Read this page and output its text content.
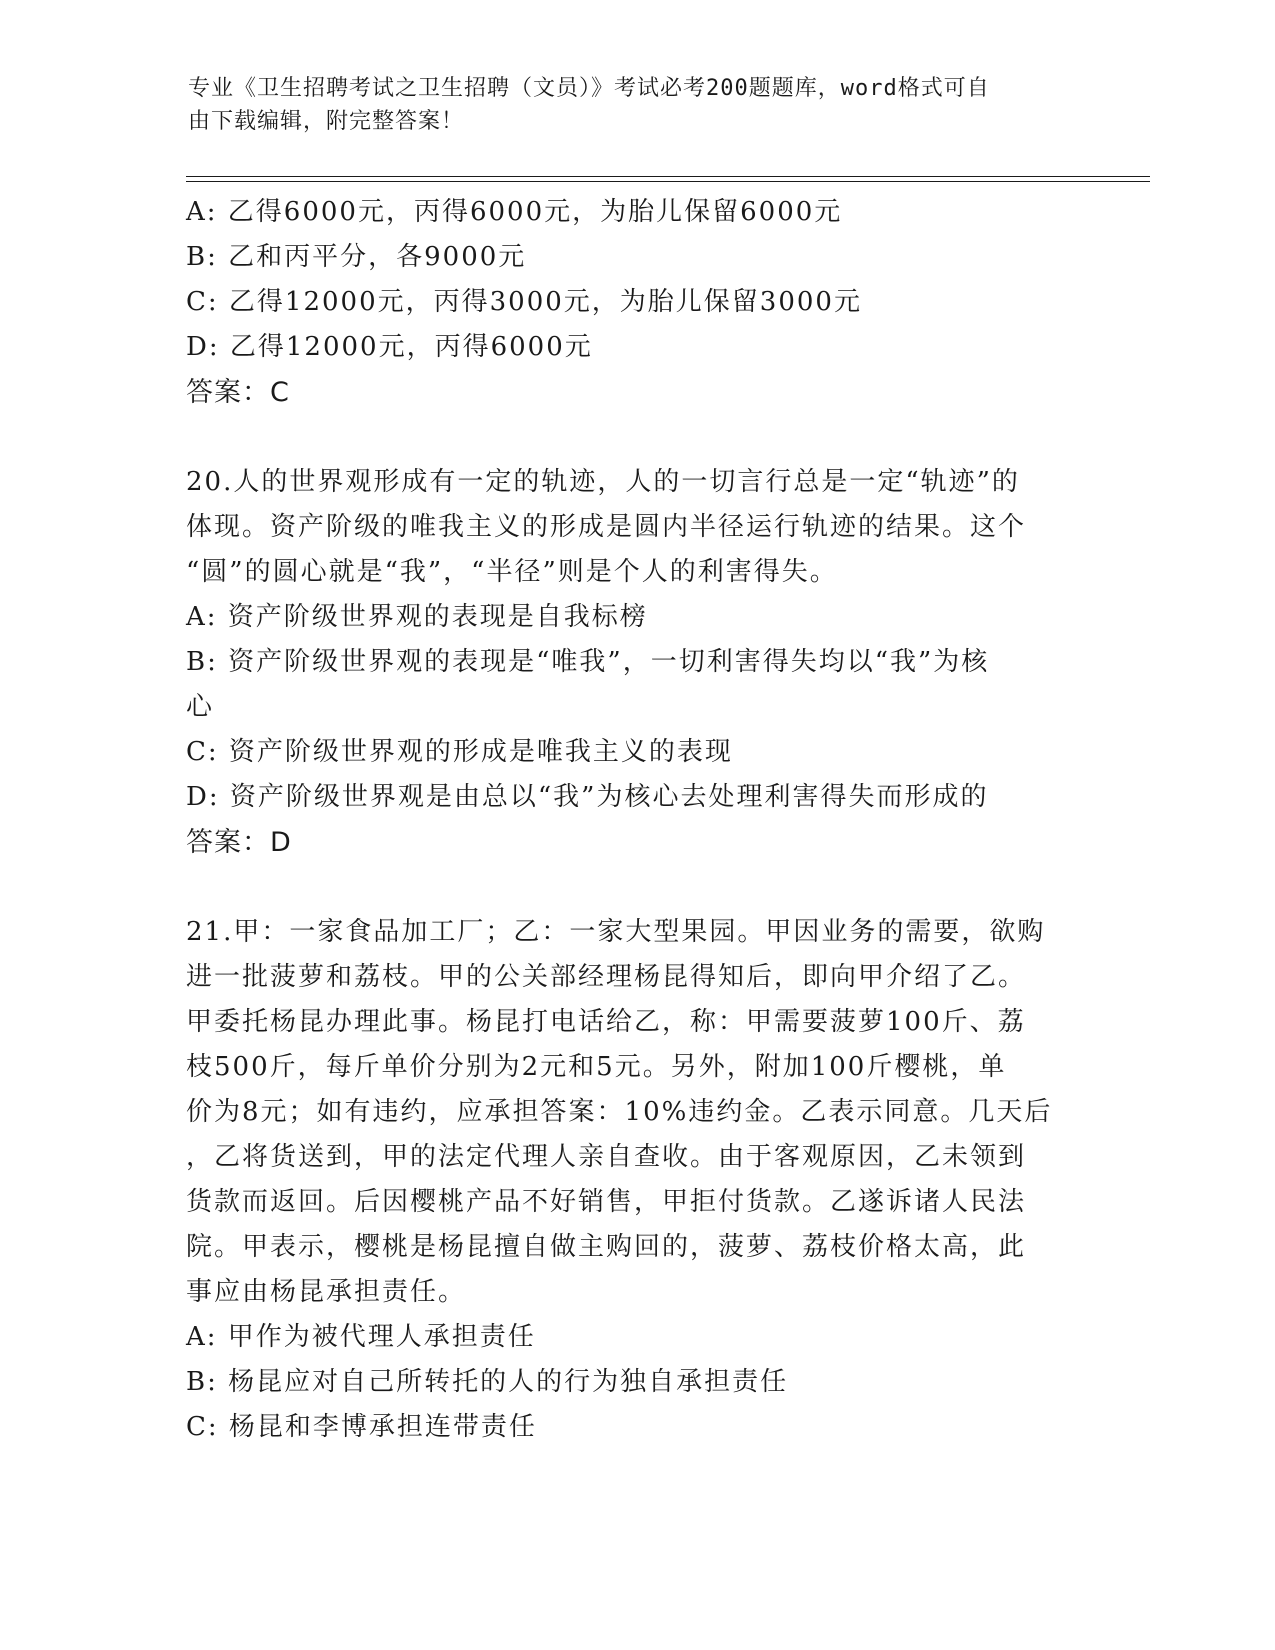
专业《卫生招聘考试之卫生招聘（文员）》考试必考200题题库，word格式可自
由下载编辑，附完整答案！
A: 乙得6000元，丙得6000元，为胎儿保留6000元
B: 乙和丙平分，各9000元
C: 乙得12000元，丙得3000元，为胎儿保留3000元
D: 乙得12000元，丙得6000元
答案：C
20.人的世界观形成有一定的轨迹，人的一切言行总是一定“轨迹”的
体现。资产阶级的唯我主义的形成是圆内半径运行轨迹的结果。这个
“圆”的圆心就是“我”，“半径”则是个人的利害得失。
A: 资产阶级世界观的表现是自我标榜
B: 资产阶级世界观的表现是“唯我”，一切利害得失均以“我”为核
心
C: 资产阶级世界观的形成是唯我主义的表现
D: 资产阶级世界观是由总以“我”为核心去处理利害得失而形成的
答案：D
21.甲：一家食品加工厂；乙：一家大型果园。甲因业务的需要，欲购
进一批菠萝和荔枝。甲的公关部经理杨昆得知后，即向甲介绍了乙。
甲委托杨昆办理此事。杨昆打电话给乙，称：甲需要菠萝100斤、荔
枝500斤，每斤单价分别为2元和5元。另外，附加100斤樱桃，单
价为8元；如有违约，应承担答案：10%违约金。乙表示同意。几天后
，乙将货送到，甲的法定代理人亲自查收。由于客观原因，乙未领到
货款而返回。后因樱桃产品不好销售，甲拒付货款。乙遂诉诸人民法
院。甲表示，樱桃是杨昆擅自做主购回的，菠萝、荔枝价格太高，此
事应由杨昆承担责任。
A: 甲作为被代理人承担责任
B: 杨昆应对自己所转托的人的行为独自承担责任
C: 杨昆和李博承担连带责任
